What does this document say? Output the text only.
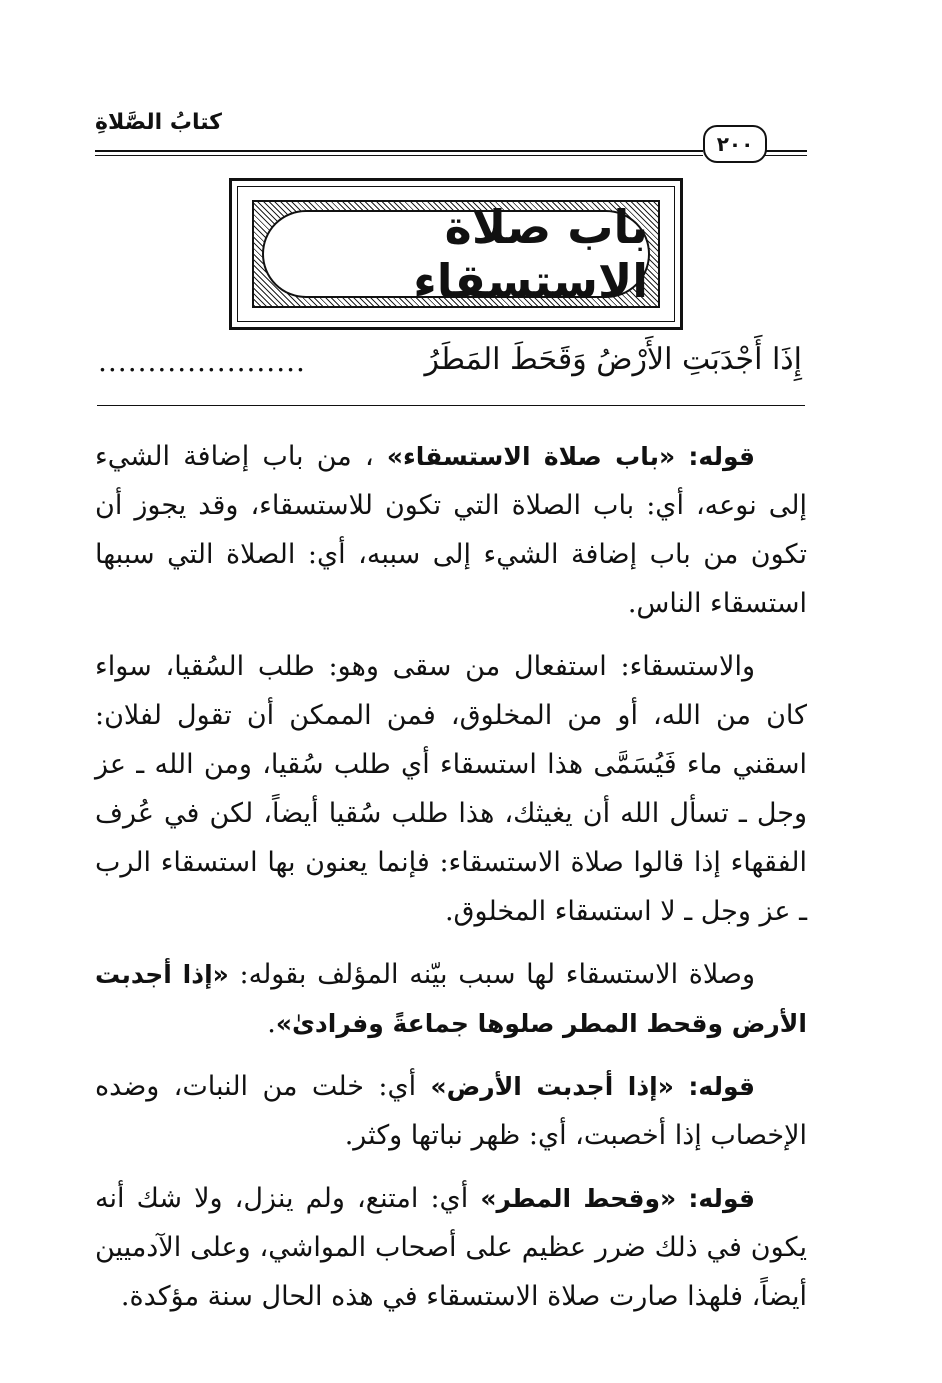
كتابُ الصَّلاةِ
٢٠٠
باب صلاة الاستسقاء
إِذَا أَجْدَبَتِ الأَرْضُ وَقَحَطَ المَطَرُ
.....................

قوله: «باب صلاة الاستسقاء» ، من باب إضافة الشيء إلى نوعه، أي: باب الصلاة التي تكون للاستسقاء، وقد يجوز أن تكون من باب إضافة الشيء إلى سببه، أي: الصلاة التي سببها استسقاء الناس.

والاستسقاء: استفعال من سقى وهو: طلب السُقيا، سواء كان من الله، أو من المخلوق، فمن الممكن أن تقول لفلان: اسقني ماء فَيُسَمَّى هذا استسقاء أي طلب سُقيا، ومن الله ـ عز وجل ـ تسأل الله أن يغيثك، هذا طلب سُقيا أيضاً، لكن في عُرف الفقهاء إذا قالوا صلاة الاستسقاء: فإنما يعنون بها استسقاء الرب ـ عز وجل ـ لا استسقاء المخلوق.

وصلاة الاستسقاء لها سبب بيّنه المؤلف بقوله: «إذا أجدبت الأرض وقحط المطر صلوها جماعةً وفرادىٰ».

قوله: «إذا أجدبت الأرض» أي: خلت من النبات، وضده الإخصاب إذا أخصبت، أي: ظهر نباتها وكثر.

قوله: «وقحط المطر» أي: امتنع، ولم ينزل، ولا شك أنه يكون في ذلك ضرر عظيم على أصحاب المواشي، وعلى الآدميين أيضاً، فلهذا صارت صلاة الاستسقاء في هذه الحال سنة مؤكدة.
